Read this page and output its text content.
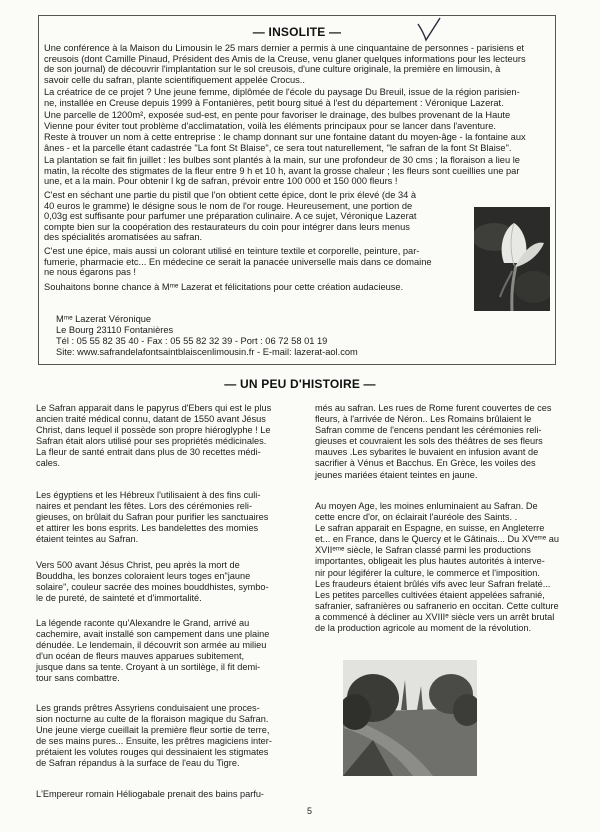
— INSOLITE —

Une conférence à la Maison du Limousin le 25 mars dernier a permis à une cinquantaine de personnes - parisiens et
creusois (dont Camille Pinaud, Président des Amis de la Creuse, venu glaner quelques informations pour les lecteurs
de son journal) de découvrir l'implantation sur le sol creusois, d'une culture originale, la première en limousin, à
savoir celle du safran, plante scientifiquement appelée Crocus..

La créatrice de ce projet ? Une jeune femme, diplômée de l'école du paysage Du Breuil, issue de la région parisien-
ne, installée en Creuse depuis 1999 à Fontanières, petit bourg situé à l'est du département : Véronique Lazerat.

Une parcelle de 1200m², exposée sud-est, en pente pour favoriser le drainage, des bulbes provenant de la Haute
Vienne pour éviter tout problème d'acclimatation, voilà les éléments principaux pour se lancer dans l'aventure.

Reste à trouver un nom à cette entreprise : le champ donnant sur une fontaine datant du moyen-âge - la fontaine aux
ânes - et la parcelle étant cadastrée "La font St Blaise", ce sera tout naturellement, "le safran de la font St Blaise".

La plantation se fait fin juillet : les bulbes sont plantés à la main, sur une profondeur de 30 cms ; la floraison a lieu le
matin, la récolte des stigmates de la fleur entre 9 h et 10 h, avant la grosse chaleur ; les fleurs sont cueillies une par
une, et a la main. Pour obtenir l kg de safran, prévoir entre 100 000 et 150 000 fleurs !

C'est en séchant une partie du pistil que l'on obtient cette épice, dont le prix élevé (de 34 à
40 euros le gramme) le désigne sous le nom de l'or rouge. Heureusement, une portion de
0,03g est suffisante pour parfumer une préparation culinaire. A ce sujet, Véronique Lazerat
compte bien sur la coopération des restaurateurs du coin pour intégrer dans leurs menus
des spécialités aromatisées au safran.

C'est une épice, mais aussi un colorant utilisé en teinture textile et corporelle, peinture, par-
fumerie, pharmacie etc... En médecine ce serait la panacée universelle mais dans ce domaine
ne nous égarons pas !

Souhaitons bonne chance à Mᵐᵉ Lazerat et félicitations pour cette création audacieuse.

Mᵐᵉ Lazerat Véronique
Le Bourg 23110 Fontanières
Tél : 05 55 82 35 40 - Fax : 05 55 82 32 39 - Port : 06 72 58 01 19
Site: www.safrandelafontsaintblaiscenlimousin.fr - E-mail: lazerat-aol.com
— UN PEU D'HISTOIRE —

Le Safran apparait dans le papyrus d'Ebers qui est le plus
ancien traité médical connu, datant de 1550 avant Jésus
Christ, dans lequel il possède son propre hiéroglyphe ! Le
Safran était alors utilisé pour ses propriétés médicinales.
La fleur de santé entrait dans plus de 30 recettes médi-
cales.

Les égyptiens et les Hébreux l'utilisaient à des fins culi-
naires et pendant les fêtes. Lors des cérémonies reli-
gieuses, on brûlait du Safran pour purifier les sanctuaires
et attirer les bons esprits. Les bandelettes des momies
étaient teintes au Safran.

Vers 500 avant Jésus Christ, peu après la mort de
Bouddha, les bonzes coloraient leurs toges en"jaune
solaire", couleur sacrée des moines bouddhistes, symbo-
le de pureté, de sainteté et d'immortalité.

La légende raconte qu'Alexandre le Grand, arrivé au
cachemire, avait installé son campement dans une plaine
dénudée. Le lendemain, il découvrit son armée au milieu
d'un océan de fleurs mauves apparues subitement,
jusque dans sa tente. Croyant à un sortilège, il fit demi-
tour sans combattre.

Les grands prêtres Assyriens conduisaient une proces-
sion nocturne au culte de la floraison magique du Safran.
Une jeune vierge cueillait la première fleur sortie de terre,
de ses mains pures... Ensuite, les prêtres magiciens inter-
prétaient les volutes rouges qui dessinaient les stigmates
de Safran répandus à la surface de l'eau du Tigre.

L'Empereur romain Héliogabale prenait des bains parfu-

més au safran. Les rues de Rome furent couvertes de ces
fleurs, à l'arrivée de Néron.. Les Romains brûlaient le
Safran comme de l'encens pendant les cérémonies reli-
gieuses et couvraient les sols des théâtres de ses fleurs
mauves .Les sybarites le buvaient en infusion avant de
sacrifier à Vénus et Bacchus. En Grèce, les voiles des
jeunes mariées étaient teintes en jaune.

Au moyen Age, les moines enluminaient au Safran. De
cette encre d'or, on éclairait l'auréole des Saints. .
Le safran apparait en Espagne, en suisse, en Angleterre
et... en France, dans le Quercy et le Gâtinais... Du XVᵉᵐᵉ au
XVIIᵉᵐᵉ siècle, le Safran classé parmi les productions
importantes, obligeait les plus hautes autorités à interve-
nir pour légiférer la culture, le commerce et l'imposition.
Les fraudeurs étaient brûlés vifs avec leur Safran frelaté...
Les petites parcelles cultivées étaient appelées safranié,
safranier, safranières ou safranerio en occitan. Cette culture
a commencé à décliner au XVIIIᵉ siècle vers un arrêt brutal
de la production agricole au moment de la révolution.

5
